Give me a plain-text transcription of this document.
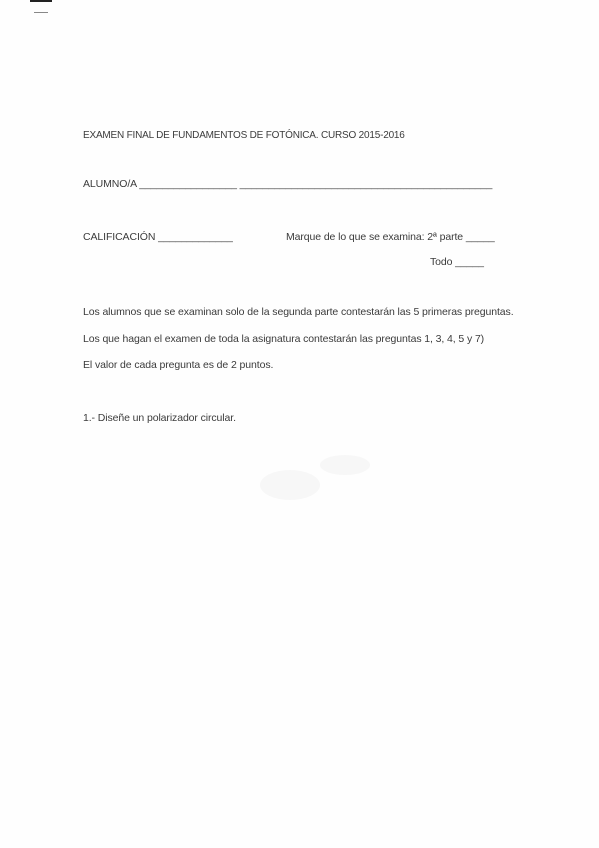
EXAMEN FINAL DE FUNDAMENTOS DE FOTÓNICA. CURSO 2015-2016
ALUMNO/A _________________ ____________________________________________
CALIFICACIÓN _____________	Marque de lo que se examina: 2ª parte _____
Todo _____
Los alumnos que se examinan solo de la segunda parte contestarán las 5 primeras preguntas.
Los que hagan el examen de toda la asignatura contestarán las preguntas 1, 3, 4, 5 y 7)
El valor de cada pregunta es de 2 puntos.
1.- Diseñe un polarizador circular.
